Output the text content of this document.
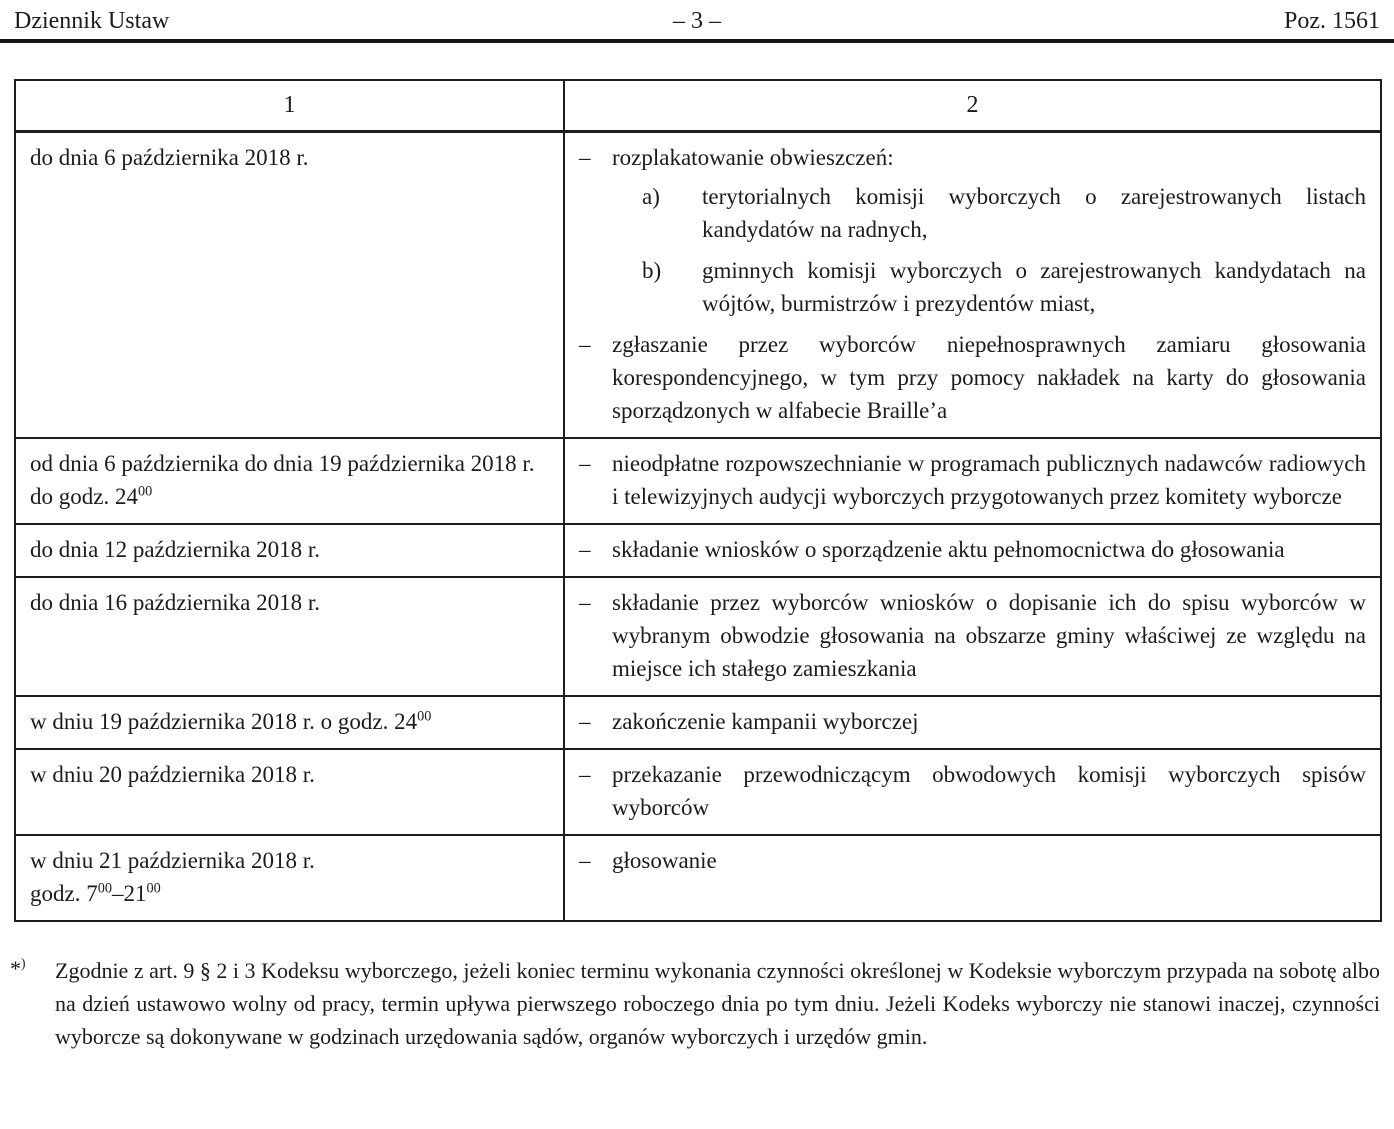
Dziennik Ustaw	– 3 –	Poz. 1561
1	2
do dnia 6 października 2018 r.	– rozplakatowanie obwieszczeń:
a) terytorialnych komisji wyborczych o zarejestrowanych listach kandydatów na radnych,
b) gminnych komisji wyborczych o zarejestrowanych kandydatach na wójtów, burmistrzów i prezydentów miast,
– zgłaszanie przez wyborców niepełnosprawnych zamiaru głosowania korespondencyjnego, w tym przy pomocy nakładek na karty do głosowania sporządzonych w alfabecie Braille’a

od dnia 6 października do dnia 19 października 2018 r. do godz. $24^{00}$	– nieodpłatne rozpowszechnianie w programach publicznych nadawców radiowych i telewizyjnych audycji wyborczych przygotowanych przez komitety wyborcze

do dnia 12 października 2018 r.	– składanie wniosków o sporządzenie aktu pełnomocnictwa do głosowania

do dnia 16 października 2018 r.	– składanie przez wyborców wniosków o dopisanie ich do spisu wyborców w wybranym obwodzie głosowania na obszarze gminy właściwej ze względu na miejsce ich stałego zamieszkania

w dniu 19 października 2018 r. o godz. $24^{00}$	– zakończenie kampanii wyborczej

w dniu 20 października 2018 r.	– przekazanie przewodniczącym obwodowych komisji wyborczych spisów wyborców

w dniu 21 października 2018 r.
godz. $7^{00}-21^{00}$	– głosowanie
*) Zgodnie z art. 9 § 2 i 3 Kodeksu wyborczego, jeżeli koniec terminu wykonania czynności określonej w Kodeksie wyborczym przypada na sobotę albo na dzień ustawowo wolny od pracy, termin upływa pierwszego roboczego dnia po tym dniu. Jeżeli Kodeks wyborczy nie stanowi inaczej, czynności wyborcze są dokonywane w godzinach urzędowania sądów, organów wyborczych i urzędów gmin.
